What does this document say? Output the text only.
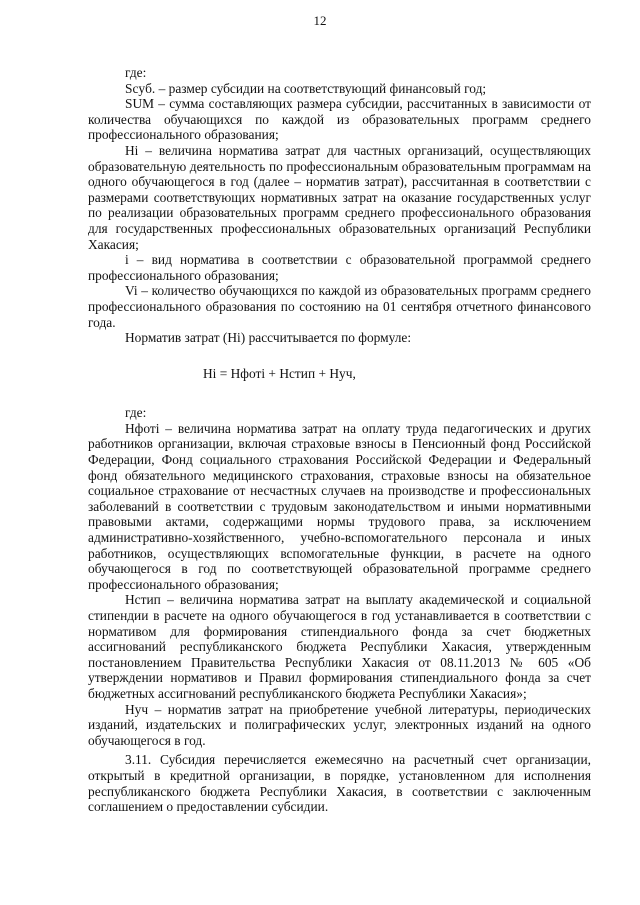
12

где:

Scyб. – размер субсидии на соответствующий финансовый год;

SUM – сумма составляющих размера субсидии, рассчитанных в зависимости от количества обучающихся по каждой из образовательных программ среднего профессионального образования;

Hi – величина норматива затрат для частных организаций, осуществляющих образовательную деятельность по профессиональным образовательным программам на одного обучающегося в год (далее – норматив затрат), рассчитанная в соответствии с размерами соответствующих нормативных затрат на оказание государственных услуг по реализации образовательных программ среднего профессионального образования для государственных профессиональных образовательных организаций Республики Хакасия;

i – вид норматива в соответствии с образовательной программой среднего профессионального образования;

Vi – количество обучающихся по каждой из образовательных программ среднего профессионального образования по состоянию на 01 сентября отчетного финансового года.

Норматив затрат (Hi) рассчитывается по формуле:

Hi = Нфотi + Нстип + Нуч,

где:

Нфотi – величина норматива затрат на оплату труда педагогических и других работников организации, включая страховые взносы в Пенсионный фонд Российской Федерации, Фонд социального страхования Российской Федерации и Федеральный фонд обязательного медицинского страхования, страховые взносы на обязательное социальное страхование от несчастных случаев на производстве и профессиональных заболеваний в соответствии с трудовым законодательством и иными нормативными правовыми актами, содержащими нормы трудового права, за исключением административно-хозяйственного, учебно-вспомогательного персонала и иных работников, осуществляющих вспомогательные функции, в расчете на одного обучающегося в год по соответствующей образовательной программе среднего профессионального образования;

Нстип – величина норматива затрат на выплату академической и социальной стипендии в расчете на одного обучающегося в год устанавливается в соответствии с нормативом для формирования стипендиального фонда за счет бюджетных ассигнований республиканского бюджета Республики Хакасия, утвержденным постановлением Правительства Республики Хакасия от 08.11.2013 № 605 «Об утверждении нормативов и Правил формирования стипендиального фонда за счет бюджетных ассигнований республиканского бюджета Республики Хакасия»;

Нуч – норматив затрат на приобретение учебной литературы, периодических изданий, издательских и полиграфических услуг, электронных изданий на одного обучающегося в год.

3.11. Субсидия перечисляется ежемесячно на расчетный счет организации, открытый в кредитной организации, в порядке, установленном для исполнения республиканского бюджета Республики Хакасия, в соответствии с заключенным соглашением о предоставлении субсидии.
